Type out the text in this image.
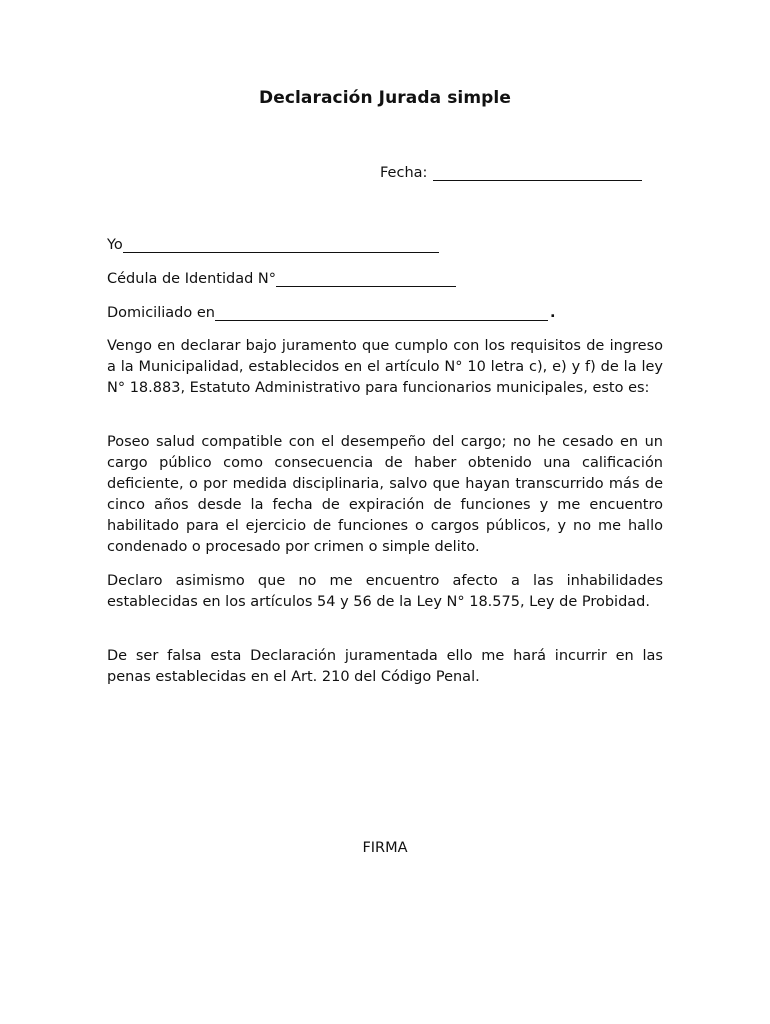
Declaración Jurada simple
Fecha:
Yo
Cédula de Identidad N°
Domiciliado en	.

Vengo en declarar bajo juramento que cumplo con los requisitos de ingreso a la Municipalidad, establecidos en el artículo N° 10 letra c), e) y f) de la ley N° 18.883, Estatuto Administrativo para funcionarios municipales, esto es:

Poseo salud compatible con el desempeño del cargo; no he cesado en un cargo público como consecuencia de haber obtenido una calificación deficiente, o por medida disciplinaria, salvo que hayan transcurrido más de cinco años desde la fecha de expiración de funciones y me encuentro habilitado para el ejercicio de funciones o cargos públicos, y no me hallo condenado o procesado por crimen o simple delito.

Declaro asimismo que no me encuentro afecto a las inhabilidades establecidas en los artículos 54 y 56 de la Ley N° 18.575, Ley de Probidad.

De ser falsa esta Declaración juramentada ello me hará incurrir en las penas establecidas en el Art. 210 del Código Penal.

FIRMA
